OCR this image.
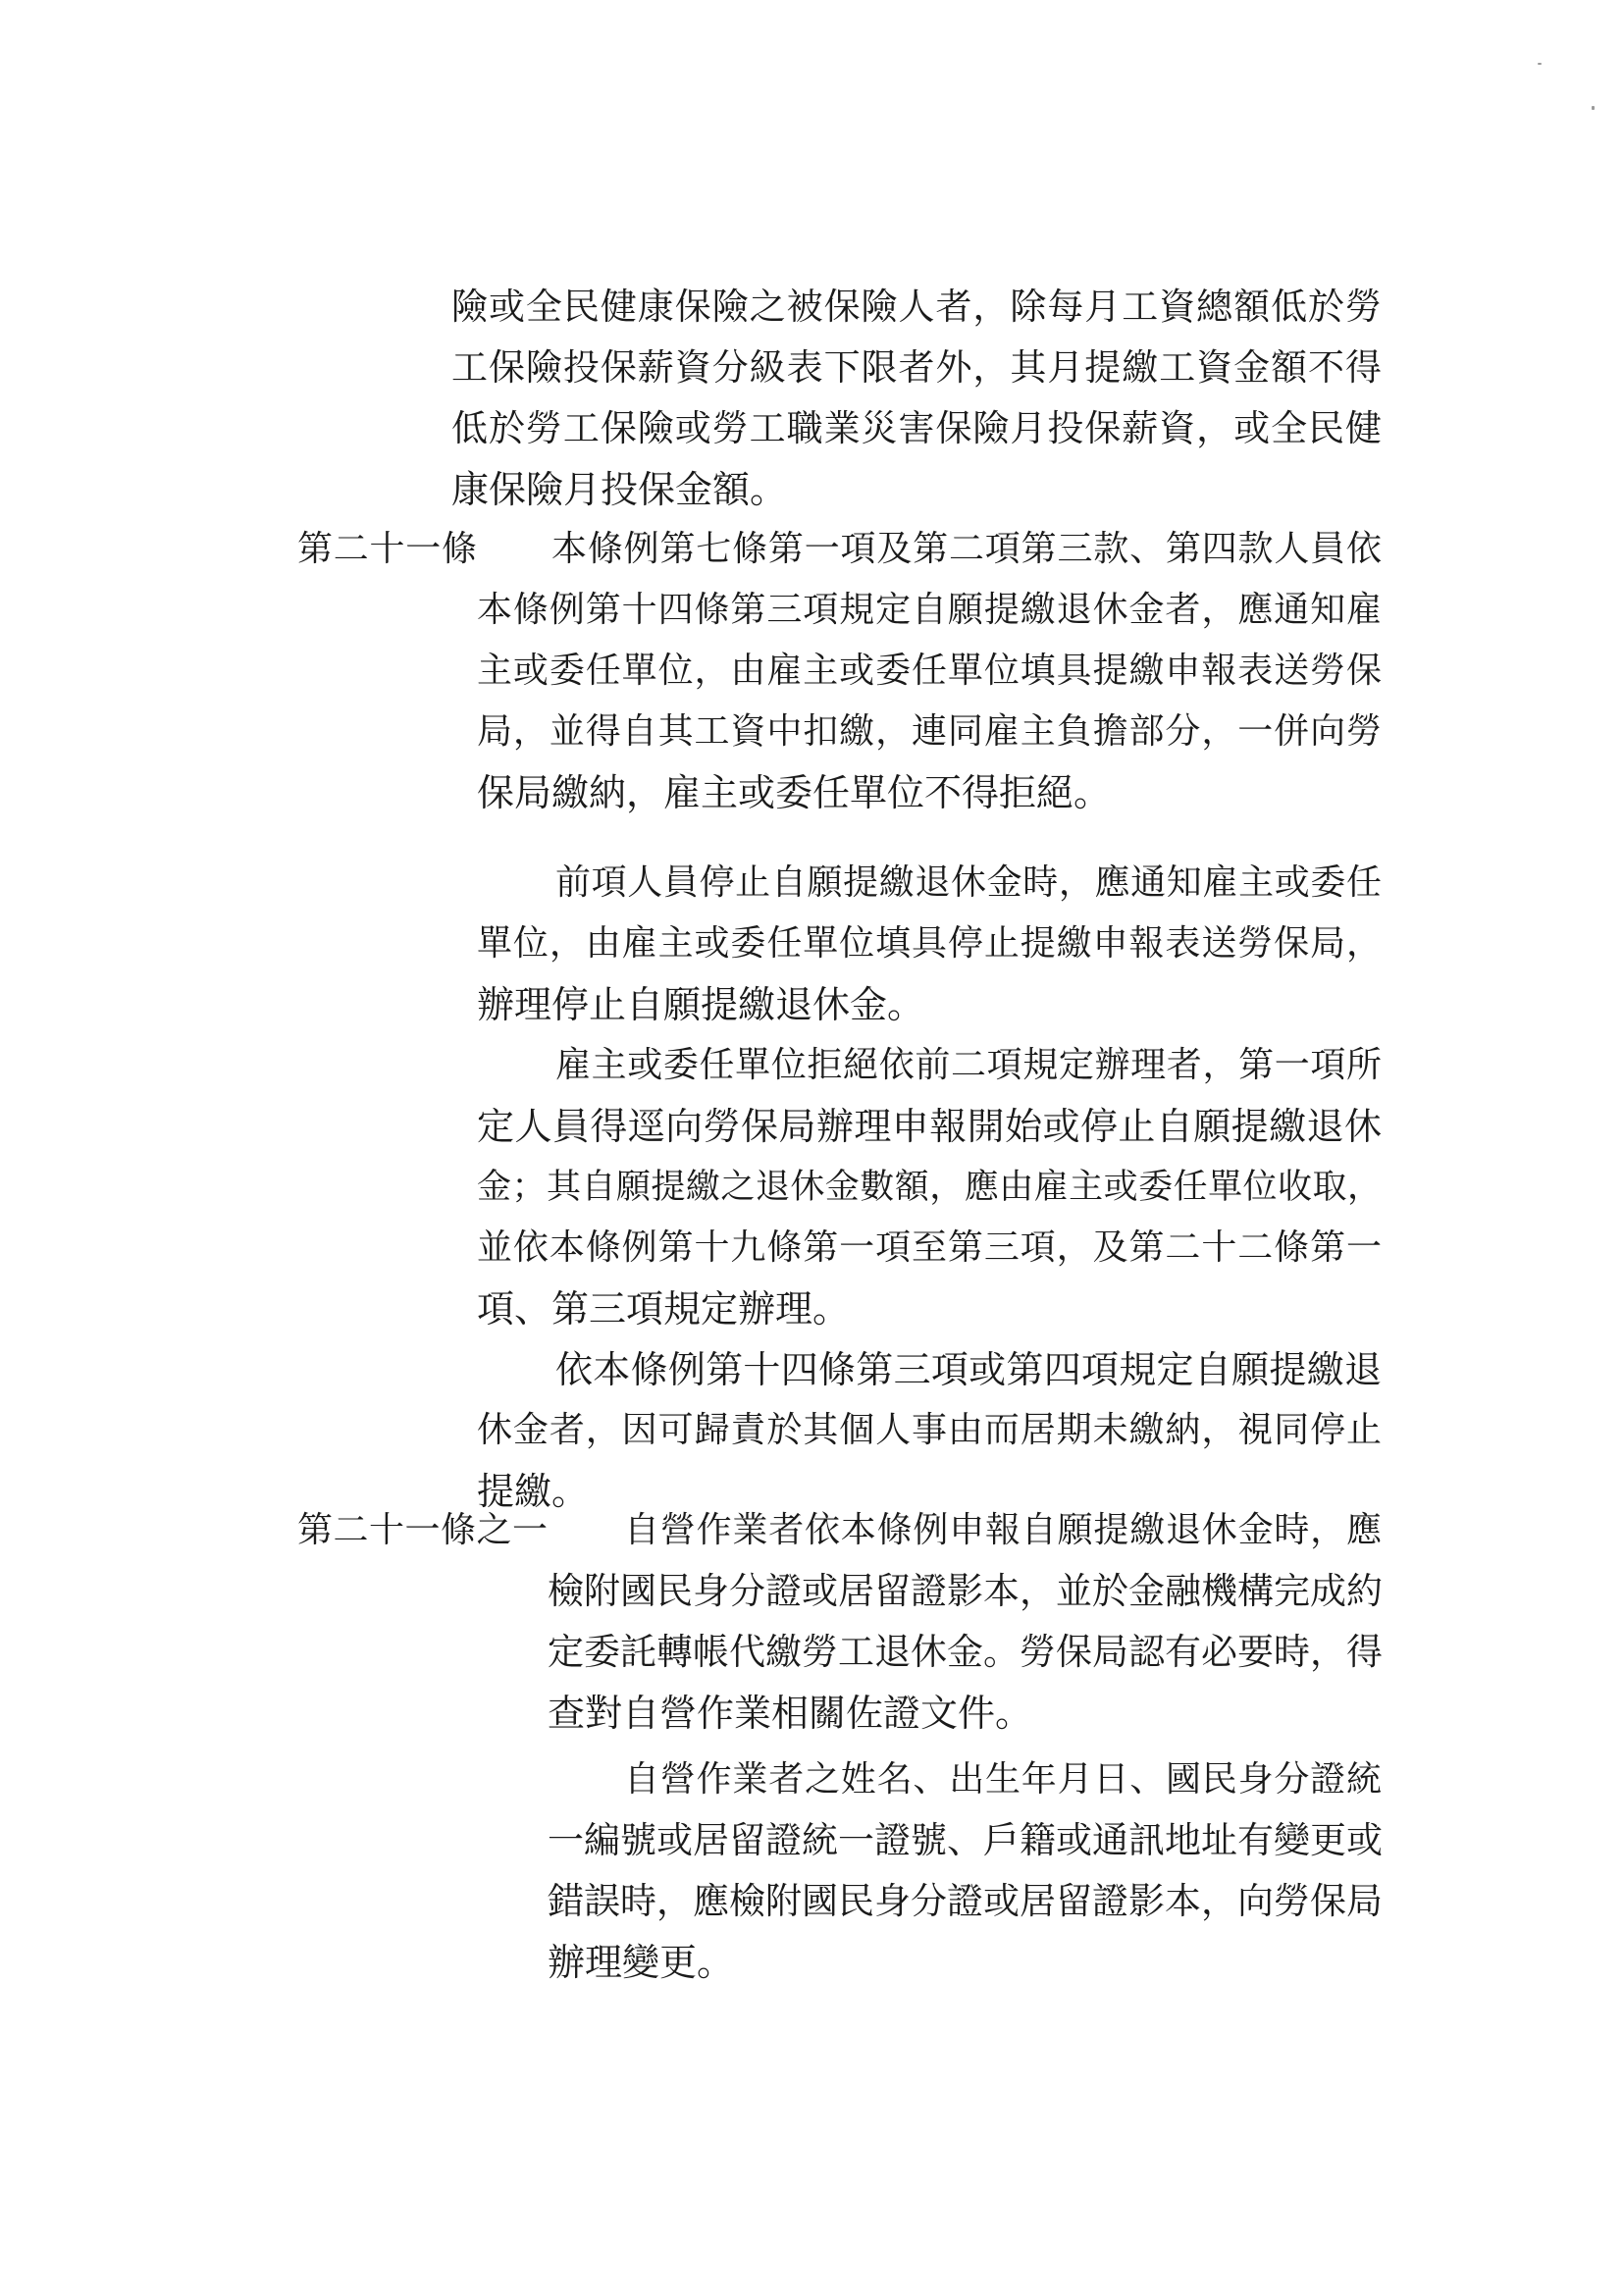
險或全民健康保險之被保險人者，除每月工資總額低於勞
工保險投保薪資分級表下限者外，其月提繳工資金額不得
低於勞工保險或勞工職業災害保險月投保薪資，或全民健
康保險月投保金額。
第二十一條 本條例第七條第一項及第二項第三款、第四款人員依
本條例第十四條第三項規定自願提繳退休金者，應通知雇
主或委任單位，由雇主或委任單位填具提繳申報表送勞保
局，並得自其工資中扣繳，連同雇主負擔部分，一併向勞
保局繳納，雇主或委任單位不得拒絕。
前項人員停止自願提繳退休金時，應通知雇主或委任
單位，由雇主或委任單位填具停止提繳申報表送勞保局，
辦理停止自願提繳退休金。
雇主或委任單位拒絕依前二項規定辦理者，第一項所
定人員得逕向勞保局辦理申報開始或停止自願提繳退休
金；其自願提繳之退休金數額，應由雇主或委任單位收取，
並依本條例第十九條第一項至第三項，及第二十二條第一
項、第三項規定辦理。
依本條例第十四條第三項或第四項規定自願提繳退
休金者，因可歸責於其個人事由而居期未繳納，視同停止
提繳。
第二十一條之一 自營作業者依本條例申報自願提繳退休金時，應
檢附國民身分證或居留證影本，並於金融機構完成約
定委託轉帳代繳勞工退休金。勞保局認有必要時，得
查對自營作業相關佐證文件。
自營作業者之姓名、出生年月日、國民身分證統
一編號或居留證統一證號、戶籍或通訊地址有變更或
錯誤時，應檢附國民身分證或居留證影本，向勞保局
辦理變更。
